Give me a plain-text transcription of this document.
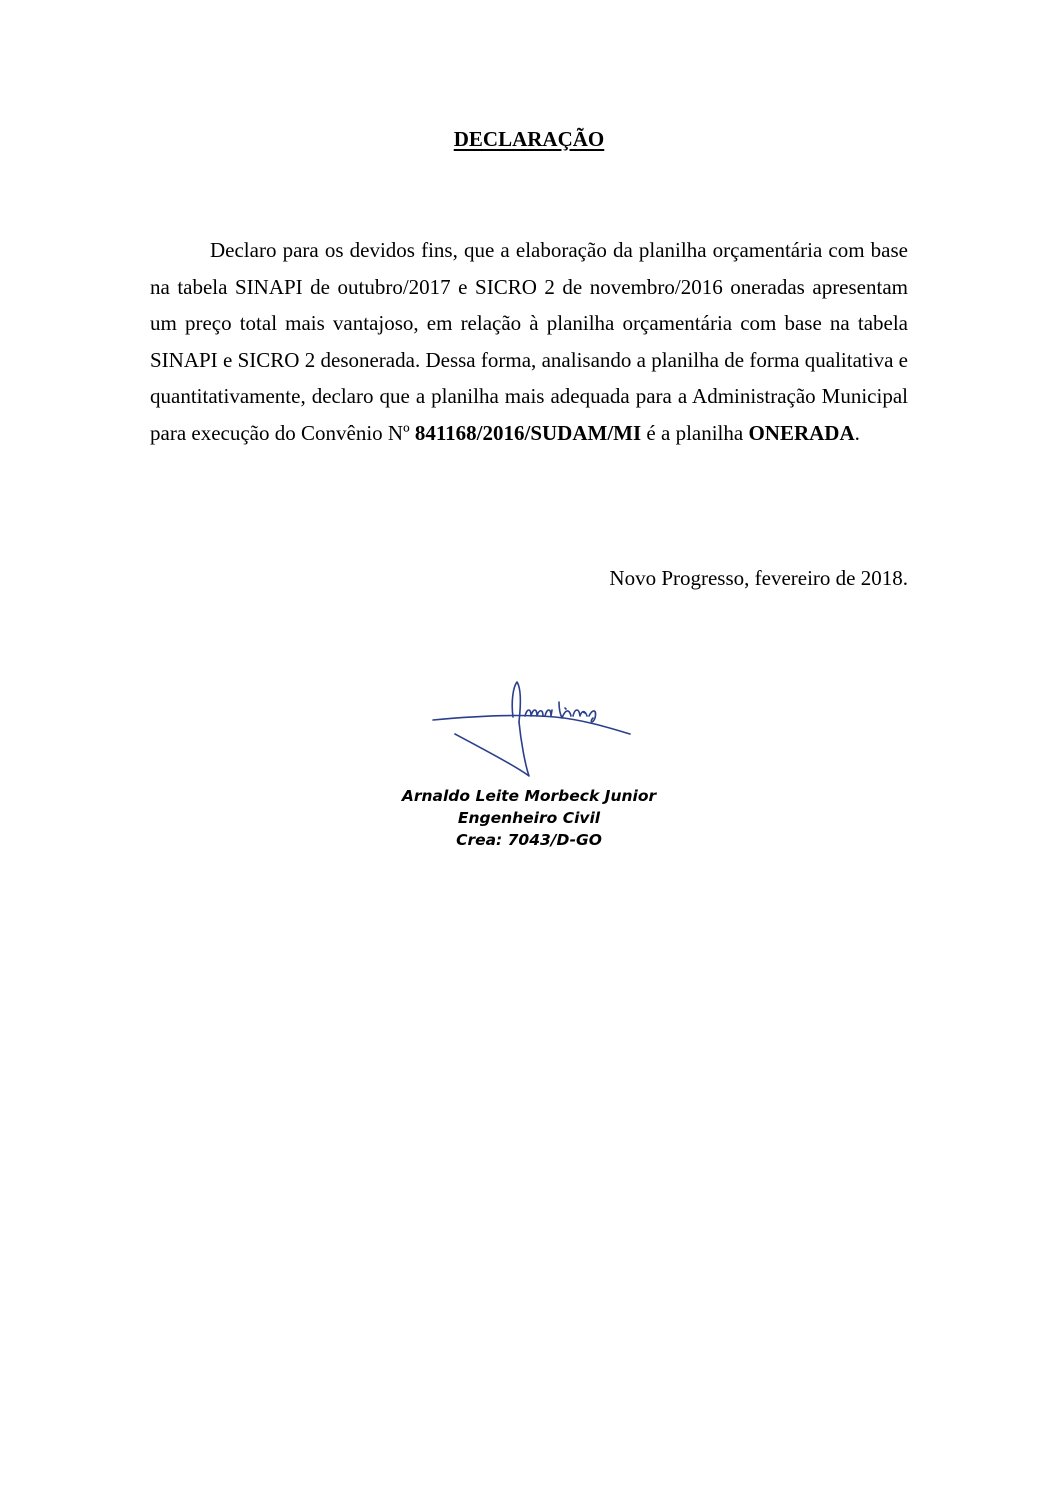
DECLARAÇÃO

Declaro para os devidos fins, que a elaboração da planilha orçamentária com base na tabela SINAPI de outubro/2017 e SICRO 2 de novembro/2016 oneradas apresentam um preço total mais vantajoso, em relação à planilha orçamentária com base na tabela SINAPI e SICRO 2 desonerada. Dessa forma, analisando a planilha de forma qualitativa e quantitativamente, declaro que a planilha mais adequada para a Administração Municipal para execução do Convênio Nº 841168/2016/SUDAM/MI é a planilha ONERADA.

Novo Progresso, fevereiro de 2018.
Arnaldo Leite Morbeck Junior
Engenheiro Civil
Crea: 7043/D-GO
